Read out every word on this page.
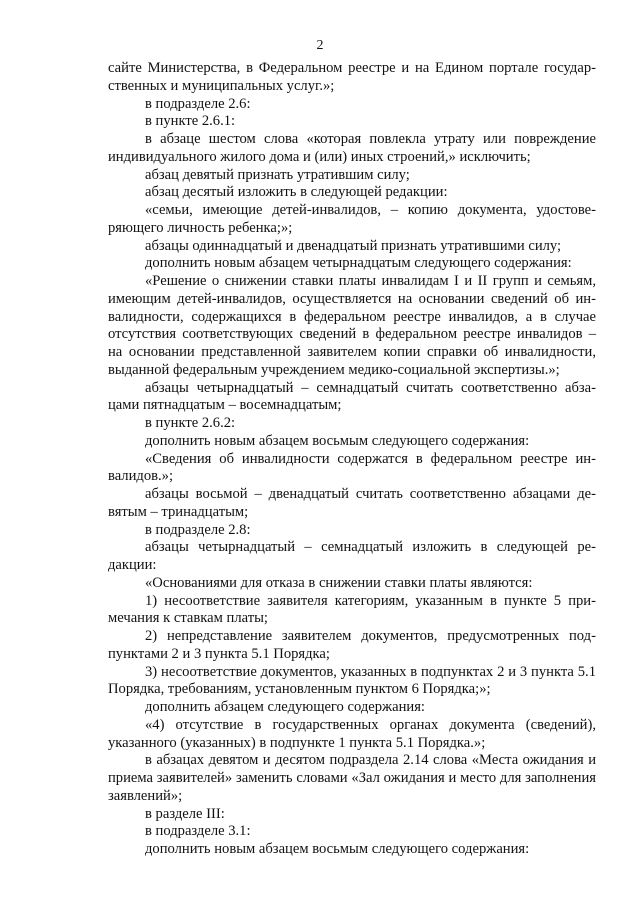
2

сайте Министерства, в Федеральном реестре и на Едином портале государственных и муниципальных услуг.»;

в подразделе 2.6:

в пункте 2.6.1:

в абзаце шестом слова «которая повлекла утрату или повреждение индивидуального жилого дома и (или) иных строений,» исключить;

абзац девятый признать утратившим силу;

абзац десятый изложить в следующей редакции:

«семьи, имеющие детей-инвалидов, – копию документа, удостоверяющего личность ребенка;»;

абзацы одиннадцатый и двенадцатый признать утратившими силу;

дополнить новым абзацем четырнадцатым следующего содержания:

«Решение о снижении ставки платы инвалидам I и II групп и семьям, имеющим детей-инвалидов, осуществляется на основании сведений об инвалидности, содержащихся в федеральном реестре инвалидов, а в случае отсутствия соответствующих сведений в федеральном реестре инвалидов – на основании представленной заявителем копии справки об инвалидности, выданной федеральным учреждением медико-социальной экспертизы.»;

абзацы четырнадцатый – семнадцатый считать соответственно абзацами пятнадцатым – восемнадцатым;

в пункте 2.6.2:

дополнить новым абзацем восьмым следующего содержания:

«Сведения об инвалидности содержатся в федеральном реестре инвалидов.»;

абзацы восьмой – двенадцатый считать соответственно абзацами девятым – тринадцатым;

в подразделе 2.8:

абзацы четырнадцатый – семнадцатый изложить в следующей редакции:

«Основаниями для отказа в снижении ставки платы являются:

1) несоответствие заявителя категориям, указанным в пункте 5 примечания к ставкам платы;

2) непредставление заявителем документов, предусмотренных подпунктами 2 и 3 пункта 5.1 Порядка;

3) несоответствие документов, указанных в подпунктах 2 и 3 пункта 5.1 Порядка, требованиям, установленным пунктом 6 Порядка;»;

дополнить абзацем следующего содержания:

«4) отсутствие в государственных органах документа (сведений), указанного (указанных) в подпункте 1 пункта 5.1 Порядка.»;

в абзацах девятом и десятом подраздела 2.14 слова «Места ожидания и приема заявителей» заменить словами «Зал ожидания и место для заполнения заявлений»;

в разделе III:

в подразделе 3.1:

дополнить новым абзацем восьмым следующего содержания:
